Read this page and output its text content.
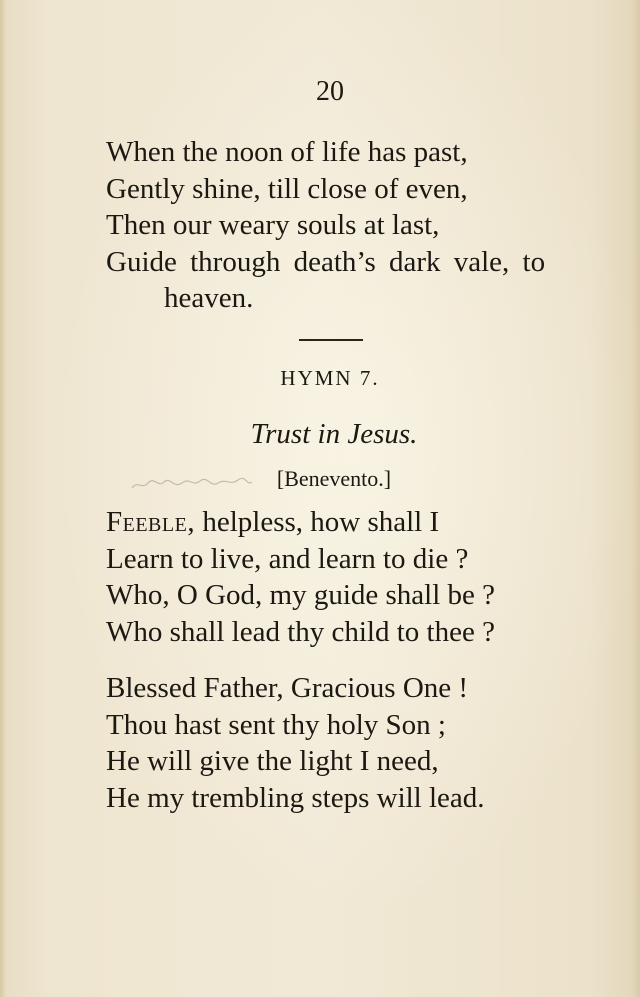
20
When the noon of life has past,
Gently shine, till close of even,
Then our weary souls at last,
Guide through death’s dark vale, to
heaven.
HYMN 7.
Trust in Jesus.
[Benevento.]
Feeble, helpless, how shall I
Learn to live, and learn to die ?
Who, O God, my guide shall be ?
Who shall lead thy child to thee ?
Blessed Father, Gracious One !
Thou hast sent thy holy Son ;
He will give the light I need,
He my trembling steps will lead.
